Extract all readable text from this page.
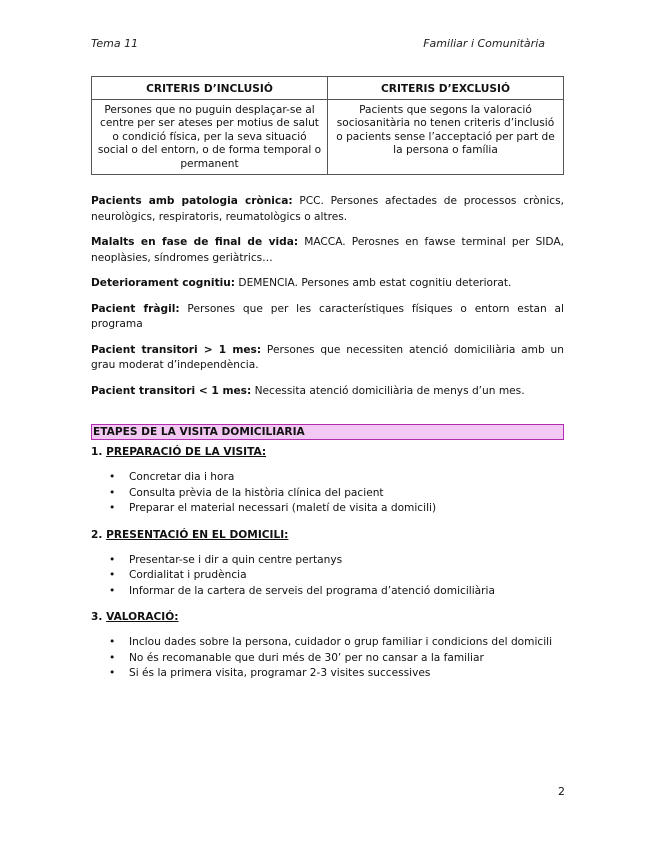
Tema 11	Familiar i Comunitària
CRITERIS D’INCLUSIÓ	CRITERIS D’EXCLUSIÓ
Persones que no puguin desplaçar-se al centre per ser ateses per motius de salut o condició física, per la seva situació social o del entorn, o de forma temporal o permanent	Pacients que segons la valoració sociosanitària no tenen criteris d’inclusió o pacients sense l’acceptació per part de la persona o família

Pacients amb patologia crònica: PCC. Persones afectades de processos crònics, neurològics, respiratoris, reumatològics o altres.

Malalts en fase de final de vida: MACCA. Perosnes en fawse terminal per SIDA, neoplàsies, síndromes geriàtrics…

Deteriorament cognitiu: DEMENCIA. Persones amb estat cognitiu deteriorat.

Pacient fràgil: Persones que per les característiques físiques o entorn estan al programa

Pacient transitori > 1 mes: Persones que necessiten atenció domiciliària amb un grau moderat d’independència.

Pacient transitori < 1 mes: Necessita atenció domiciliària de menys d’un mes.

ETAPES DE LA VISITA DOMICILIARIA

1. PREPARACIÓ DE LA VISITA:

• Concretar dia i hora
• Consulta prèvia de la història clínica del pacient
• Preparar el material necessari (maletí de visita a domicili)

2. PRESENTACIÓ EN EL DOMICILI:

• Presentar-se i dir a quin centre pertanys
• Cordialitat i prudència
• Informar de la cartera de serveis del programa d’atenció domiciliària

3. VALORACIÓ:

• Inclou dades sobre la persona, cuidador o grup familiar i condicions del domicili
• No és recomanable que duri més de 30’ per no cansar a la familiar
• Si és la primera visita, programar 2-3 visites successives
2
